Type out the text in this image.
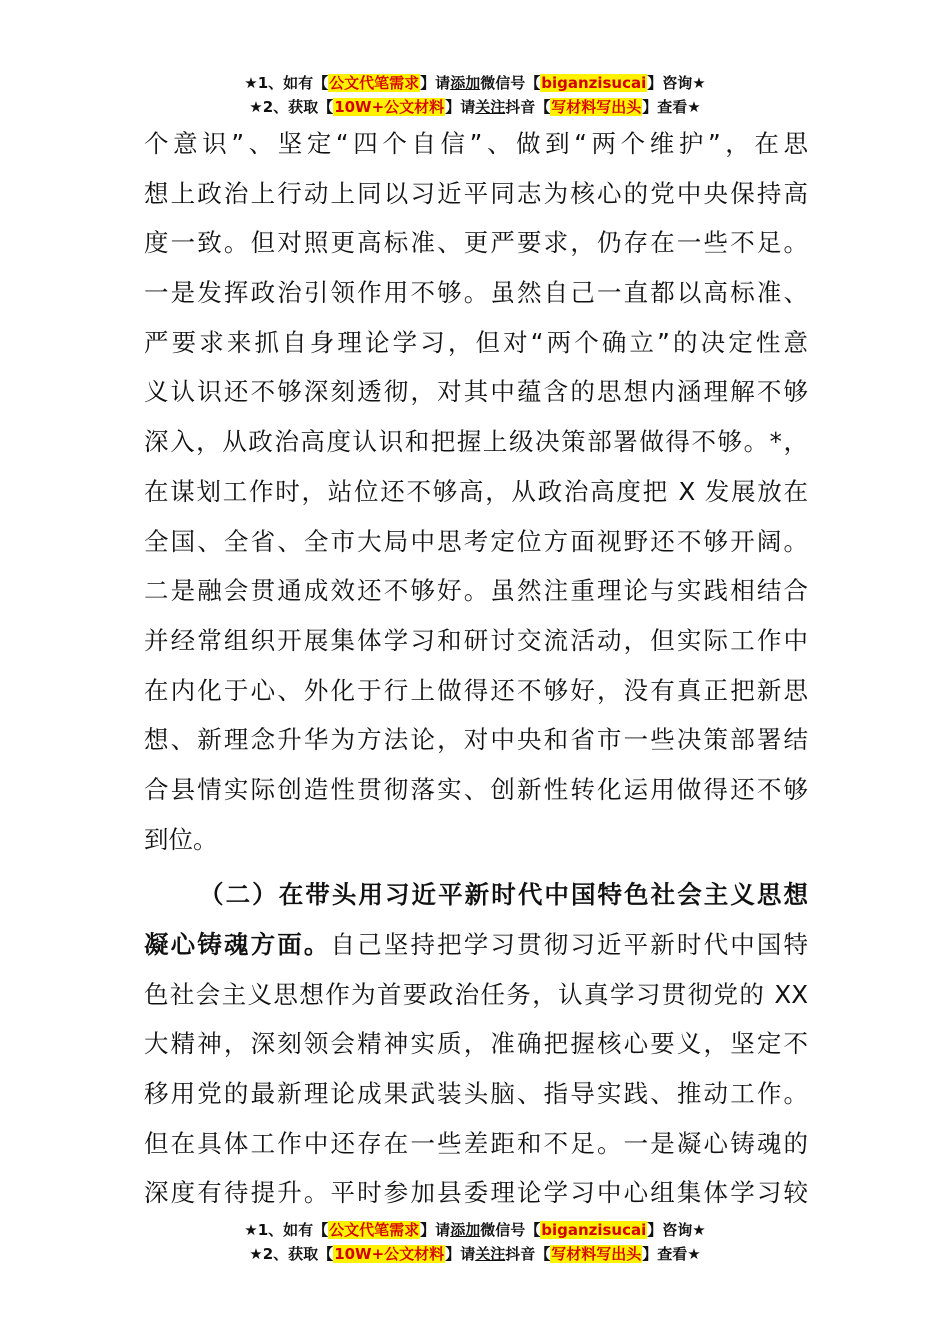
★1、如有【公文代笔需求】请添加微信号【biganzisucai】咨询★
★2、获取【10W+公文材料】请关注抖音【写材料写出头】查看★
个意识”、坚定“四个自信”、做到“两个维护”，在思
想上政治上行动上同以习近平同志为核心的党中央保持高
度一致。但对照更高标准、更严要求，仍存在一些不足。
一是发挥政治引领作用不够。虽然自己一直都以高标准、
严要求来抓自身理论学习，但对“两个确立”的决定性意
义认识还不够深刻透彻，对其中蕴含的思想内涵理解不够
深入，从政治高度认识和把握上级决策部署做得不够。*，
在谋划工作时，站位还不够高，从政治高度把 X 发展放在
全国、全省、全市大局中思考定位方面视野还不够开阔。
二是融会贯通成效还不够好。虽然注重理论与实践相结合
并经常组织开展集体学习和研讨交流活动，但实际工作中
在内化于心、外化于行上做得还不够好，没有真正把新思
想、新理念升华为方法论，对中央和省市一些决策部署结
合县情实际创造性贯彻落实、创新性转化运用做得还不够
到位。
（二）在带头用习近平新时代中国特色社会主义思想
凝心铸魂方面。自己坚持把学习贯彻习近平新时代中国特
色社会主义思想作为首要政治任务，认真学习贯彻党的 XX
大精神，深刻领会精神实质，准确把握核心要义，坚定不
移用党的最新理论成果武装头脑、指导实践、推动工作。
但在具体工作中还存在一些差距和不足。一是凝心铸魂的
深度有待提升。平时参加县委理论学习中心组集体学习较
★1、如有【公文代笔需求】请添加微信号【biganzisucai】咨询★
★2、获取【10W+公文材料】请关注抖音【写材料写出头】查看★
